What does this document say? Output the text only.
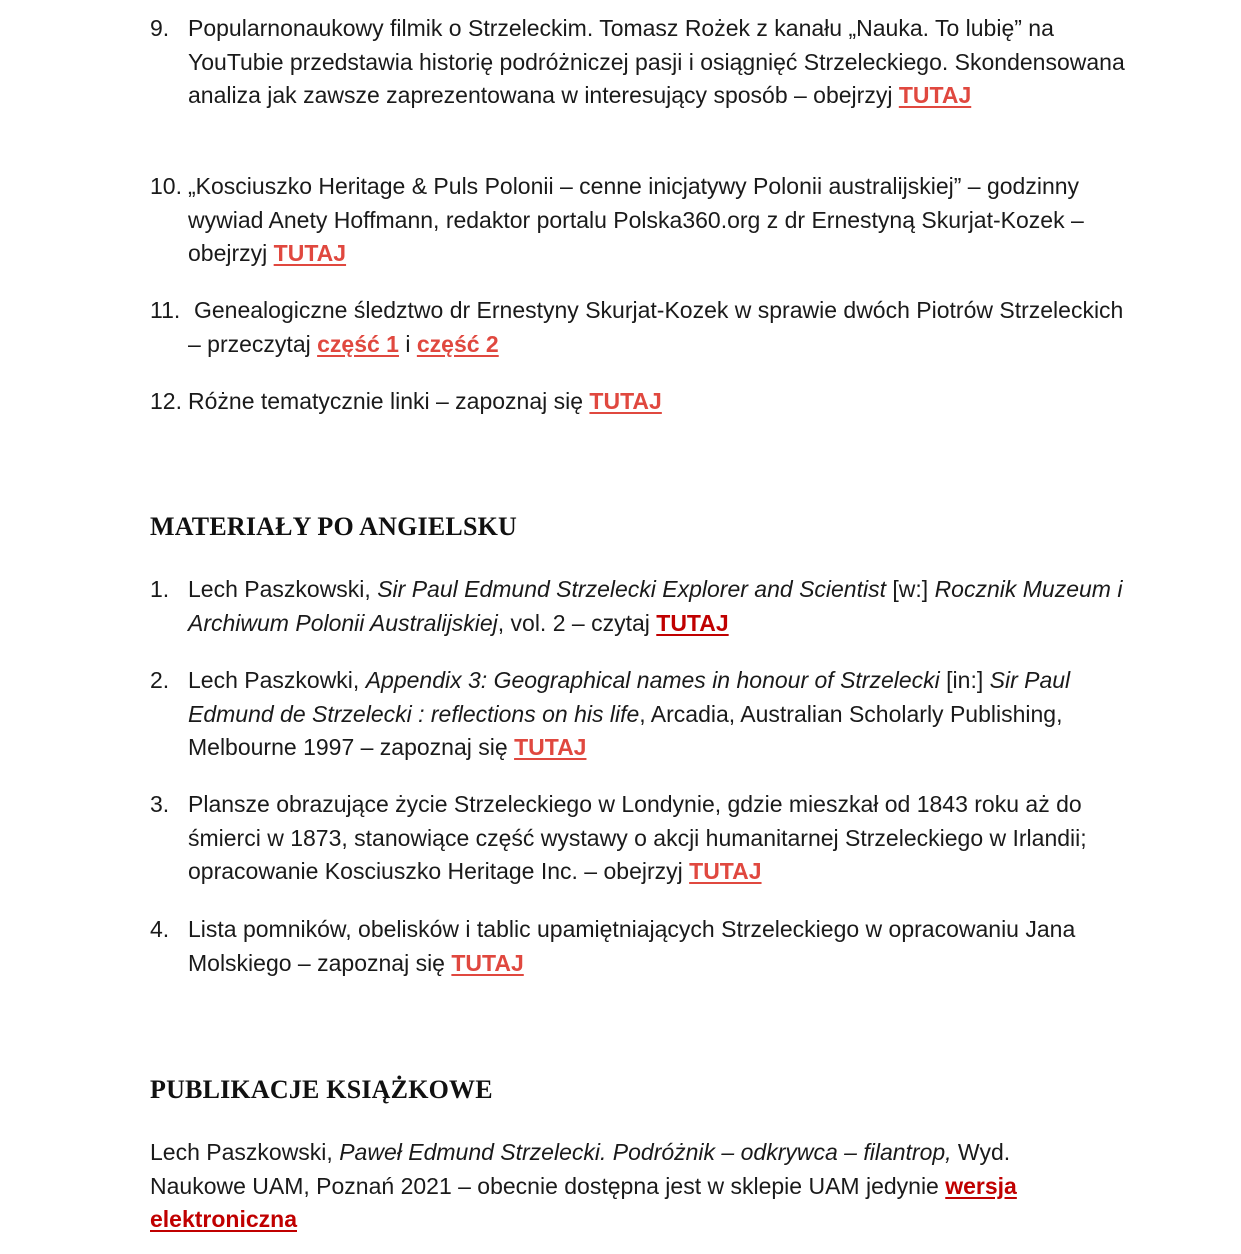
9. Popularnonaukowy filmik o Strzeleckim. Tomasz Rożek z kanału „Nauka. To lubię” na YouTubie przedstawia historię podróżniczej pasji i osiągnięć Strzeleckiego. Skondensowana analiza jak zawsze zaprezentowana w interesujący sposób – obejrzyj TUTAJ
10. „Kosciuszko Heritage & Puls Polonii – cenne inicjatywy Polonii australijskiej” – godzinny wywiad Anety Hoffmann, redaktor portalu Polska360.org z dr Ernestyną Skurjat-Kozek – obejrzyj TUTAJ
11. Genealogiczne śledztwo dr Ernestyny Skurjat-Kozek w sprawie dwóch Piotrów Strzeleckich – przeczytaj część 1 i część 2
12. Różne tematycznie linki – zapoznaj się TUTAJ
MATERIAŁY PO ANGIELSKU
1. Lech Paszkowski, Sir Paul Edmund Strzelecki Explorer and Scientist [w:] Rocznik Muzeum i Archiwum Polonii Australijskiej, vol. 2 – czytaj TUTAJ
2. Lech Paszkowki, Appendix 3: Geographical names in honour of Strzelecki [in:] Sir Paul Edmund de Strzelecki : reflections on his life, Arcadia, Australian Scholarly Publishing, Melbourne 1997 – zapoznaj się TUTAJ
3. Plansze obrazujące życie Strzeleckiego w Londynie, gdzie mieszkał od 1843 roku aż do śmierci w 1873, stanowiące część wystawy o akcji humanitarnej Strzeleckiego w Irlandii; opracowanie Kosciuszko Heritage Inc. – obejrzyj TUTAJ
4. Lista pomników, obelisków i tablic upamiętniających Strzeleckiego w opracowaniu Jana Molskiego – zapoznaj się TUTAJ
PUBLIKACJE KSIĄŻKOWE
Lech Paszkowski, Paweł Edmund Strzelecki. Podróżnik – odkrywca – filantrop, Wyd. Naukowe UAM, Poznań 2021 – obecnie dostępna jest w sklepie UAM jedynie wersja elektroniczna
